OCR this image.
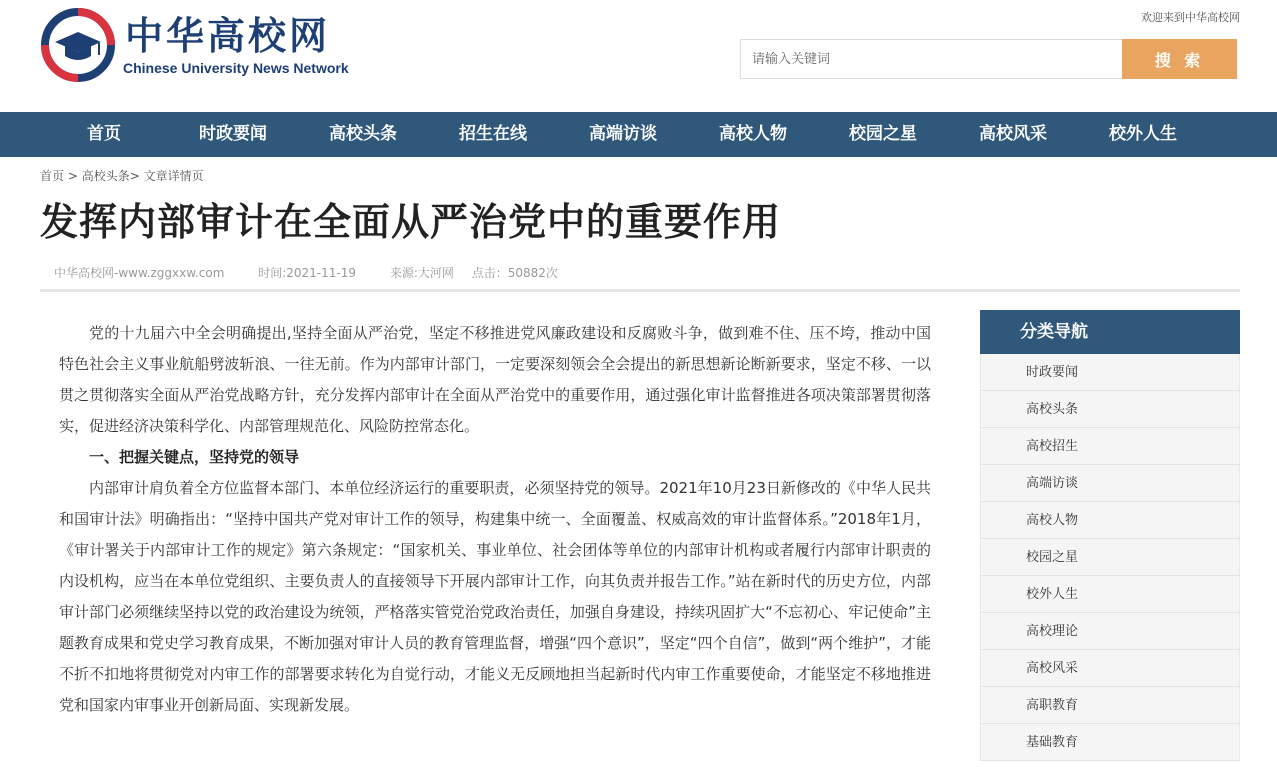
中华高校网
Chinese University News Network
欢迎来到中华高校网
请输入关键词
搜 索
首页	时政要闻	高校头条	招生在线	高端访谈	高校人物	校园之星	高校风采	校外人生
首页 > 高校头条> 文章详情页
发挥内部审计在全面从严治党中的重要作用
中华高校网-www.zggxxw.com	时间:2021-11-19	来源:大河网 点击：50882次

党的十九届六中全会明确提出,坚持全面从严治党，坚定不移推进党风廉政建设和反腐败斗争，做到难不住、压不垮，推动中国特色社会主义事业航船劈波斩浪、一往无前。作为内部审计部门，一定要深刻领会全会提出的新思想新论断新要求，坚定不移、一以贯之贯彻落实全面从严治党战略方针，充分发挥内部审计在全面从严治党中的重要作用，通过强化审计监督推进各项决策部署贯彻落实，促进经济决策科学化、内部管理规范化、风险防控常态化。

一、把握关键点，坚持党的领导

内部审计肩负着全方位监督本部门、本单位经济运行的重要职责，必须坚持党的领导。2021年10月23日新修改的《中华人民共和国审计法》明确指出：“坚持中国共产党对审计工作的领导，构建集中统一、全面覆盖、权威高效的审计监督体系。”2018年1月，《审计署关于内部审计工作的规定》第六条规定：“国家机关、事业单位、社会团体等单位的内部审计机构或者履行内部审计职责的内设机构，应当在本单位党组织、主要负责人的直接领导下开展内部审计工作，向其负责并报告工作。”站在新时代的历史方位，内部审计部门必须继续坚持以党的政治建设为统领，严格落实管党治党政治责任，加强自身建设，持续巩固扩大“不忘初心、牢记使命”主题教育成果和党史学习教育成果，不断加强对审计人员的教育管理监督，增强“四个意识”，坚定“四个自信”，做到“两个维护”，才能不折不扣地将贯彻党对内审工作的部署要求转化为自觉行动，才能义无反顾地担当起新时代内审工作重要使命，才能坚定不移地推进党和国家内审事业开创新局面、实现新发展。

分类导航
时政要闻
高校头条
高校招生
高端访谈
高校人物
校园之星
校外人生
高校理论
高校风采
高职教育
基础教育
